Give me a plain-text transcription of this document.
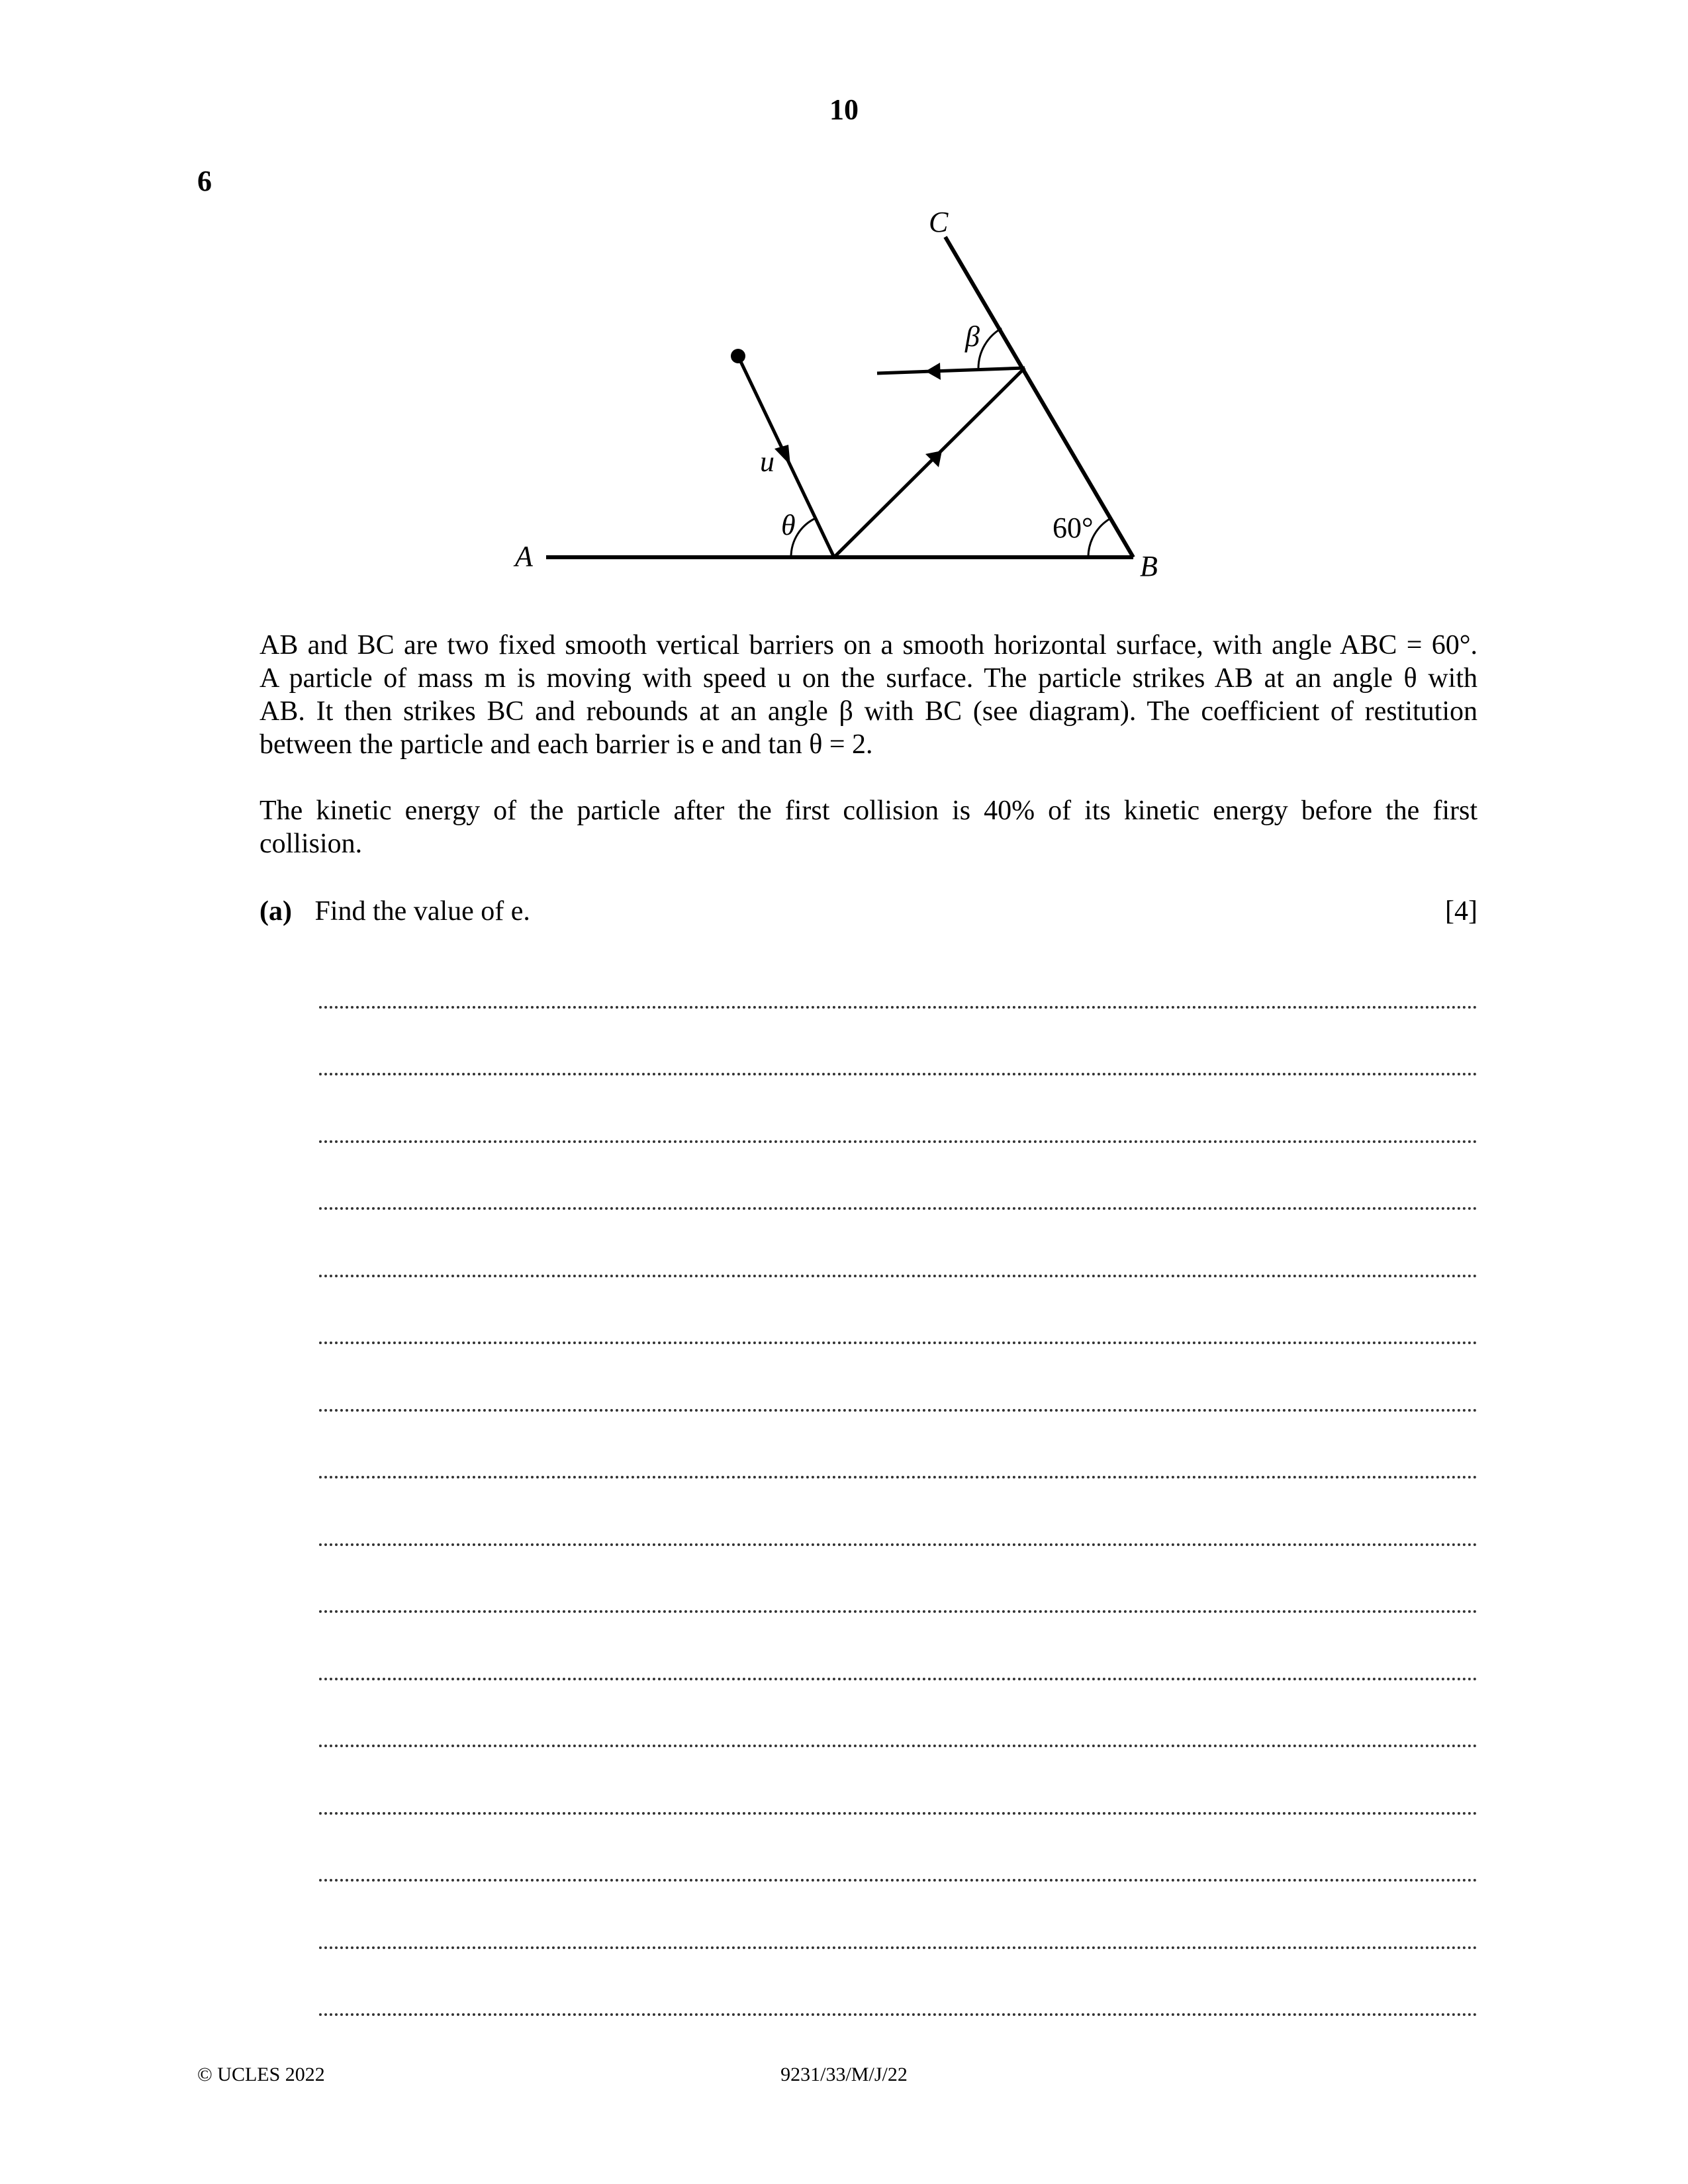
10
6
A	B
C
u
θ
β
60°

AB and BC are two fixed smooth vertical barriers on a smooth horizontal surface, with angle ABC = 60°.
A particle of mass m is moving with speed u on the surface. The particle strikes AB at an angle θ with
AB. It then strikes BC and rebounds at an angle β with BC (see diagram). The coefficient of restitution
between the particle and each barrier is e and tan θ = 2.

The kinetic energy of the particle after the first collision is 40% of its kinetic energy before the first
collision.

(a) Find the value of e.	[4]
© UCLES 2022	9231/33/M/J/22
